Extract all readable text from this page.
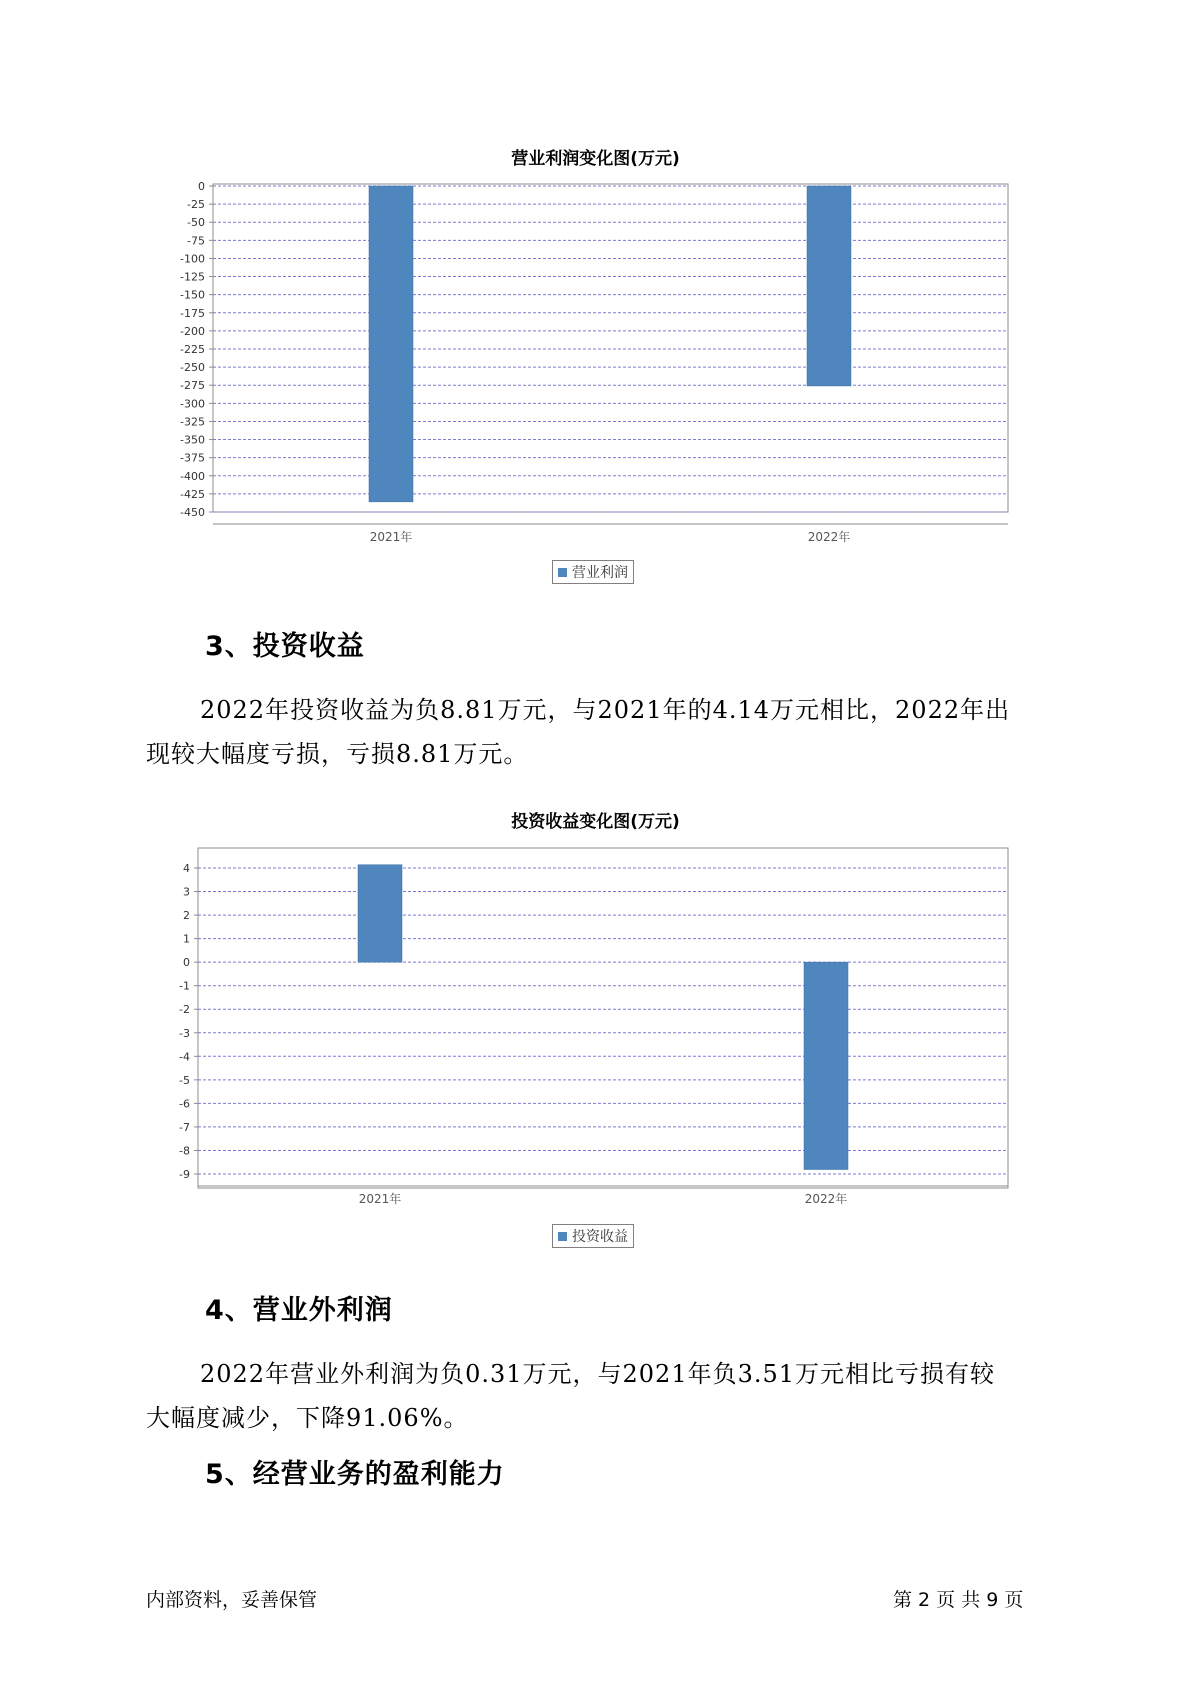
营业利润变化图(万元)
0
-25
-50
-75
-100
-125
-150
-175
-200
-225
-250
-275
-300
-325
-350
-375
-400
-425
-450
2021年	2022年
营业利润
3、投资收益
2022年投资收益为负8.81万元，与2021年的4.14万元相比，2022年出
现较大幅度亏损，亏损8.81万元。
投资收益变化图(万元)
4
3
2
1
0
-1
-2
-3
-4
-5
-6
-7
-8
-9
2021年	2022年
投资收益
4、营业外利润
2022年营业外利润为负0.31万元，与2021年负3.51万元相比亏损有较
大幅度减少，下降91.06%。
5、经营业务的盈利能力
内部资料，妥善保管	第 2 页 共 9 页
